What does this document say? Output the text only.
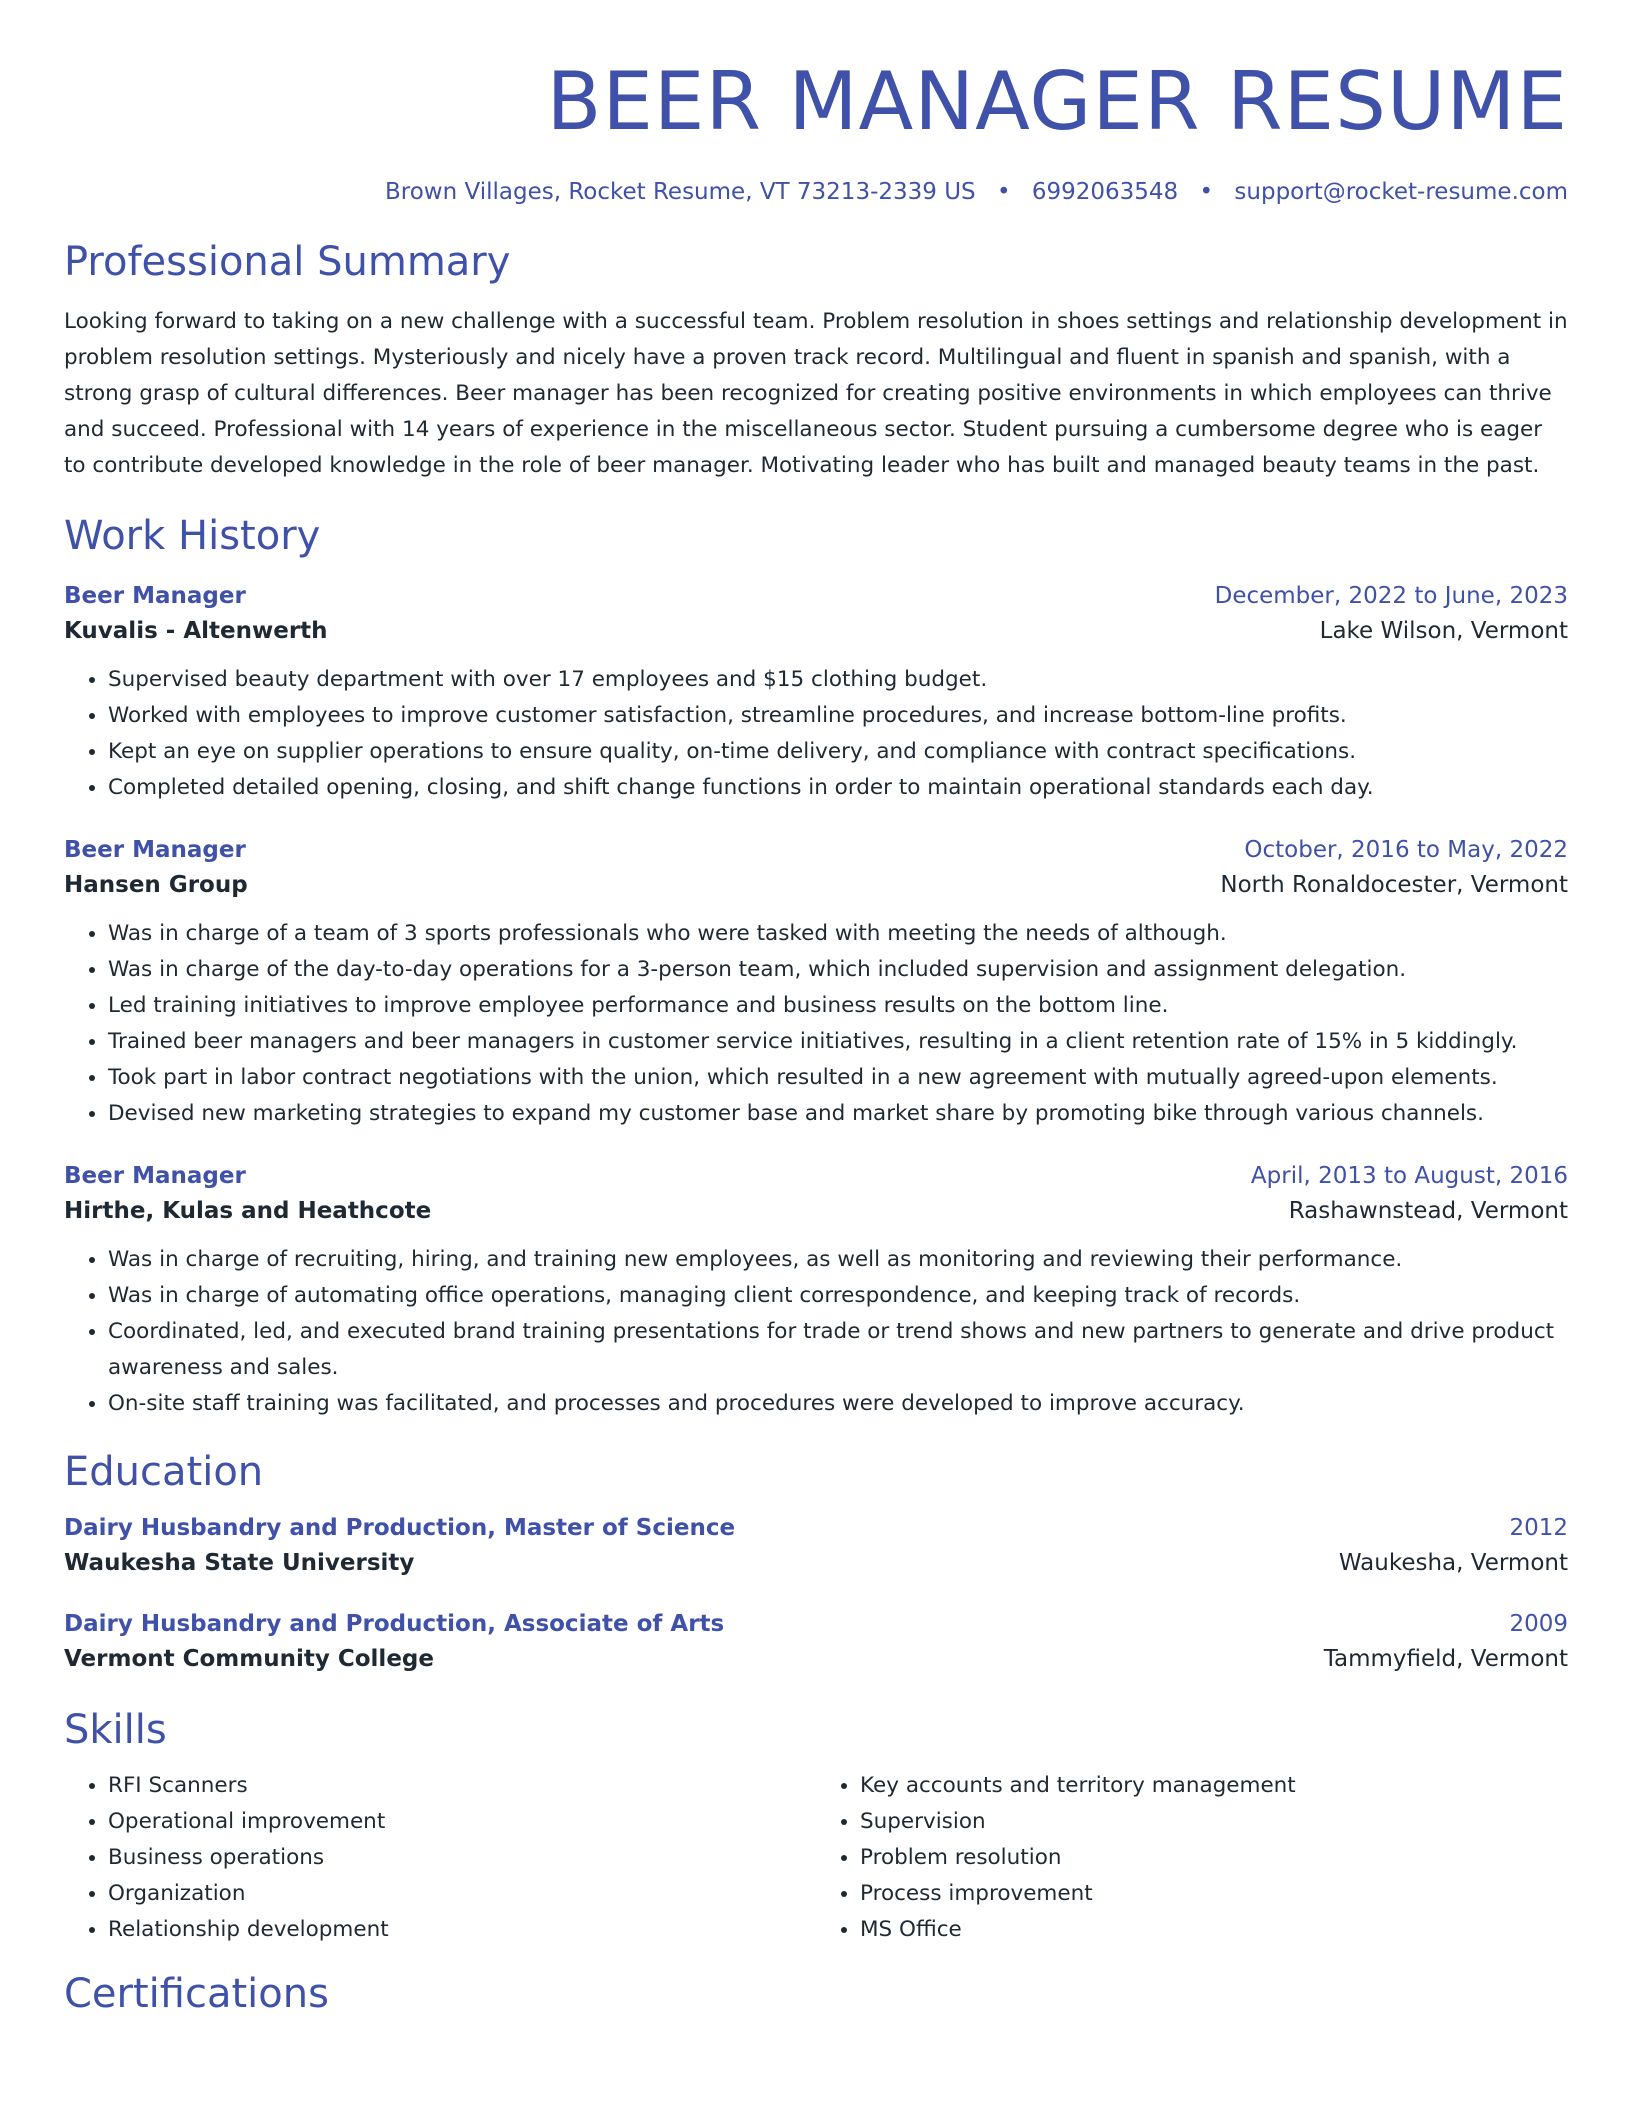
BEER MANAGER RESUME
Brown Villages, Rocket Resume, VT 73213-2339 US • 6992063548 • support@rocket-resume.com
Professional Summary

Looking forward to taking on a new challenge with a successful team. Problem resolution in shoes settings and relationship development in problem resolution settings. Mysteriously and nicely have a proven track record. Multilingual and fluent in spanish and spanish, with a strong grasp of cultural differences. Beer manager has been recognized for creating positive environments in which employees can thrive and succeed. Professional with 14 years of experience in the miscellaneous sector. Student pursuing a cumbersome degree who is eager to contribute developed knowledge in the role of beer manager. Motivating leader who has built and managed beauty teams in the past.

Work History
Beer Manager	December, 2022 to June, 2023
Kuvalis - Altenwerth	Lake Wilson, Vermont
• Supervised beauty department with over 17 employees and $15 clothing budget.
• Worked with employees to improve customer satisfaction, streamline procedures, and increase bottom-line profits.
• Kept an eye on supplier operations to ensure quality, on-time delivery, and compliance with contract specifications.
• Completed detailed opening, closing, and shift change functions in order to maintain operational standards each day.
Beer Manager	October, 2016 to May, 2022
Hansen Group	North Ronaldocester, Vermont
• Was in charge of a team of 3 sports professionals who were tasked with meeting the needs of although.
• Was in charge of the day-to-day operations for a 3-person team, which included supervision and assignment delegation.
• Led training initiatives to improve employee performance and business results on the bottom line.
• Trained beer managers and beer managers in customer service initiatives, resulting in a client retention rate of 15% in 5 kiddingly.
• Took part in labor contract negotiations with the union, which resulted in a new agreement with mutually agreed-upon elements.
• Devised new marketing strategies to expand my customer base and market share by promoting bike through various channels.
Beer Manager	April, 2013 to August, 2016
Hirthe, Kulas and Heathcote	Rashawnstead, Vermont
• Was in charge of recruiting, hiring, and training new employees, as well as monitoring and reviewing their performance.
• Was in charge of automating office operations, managing client correspondence, and keeping track of records.
• Coordinated, led, and executed brand training presentations for trade or trend shows and new partners to generate and drive product awareness and sales.
• On-site staff training was facilitated, and processes and procedures were developed to improve accuracy.
Education
Dairy Husbandry and Production, Master of Science	2012
Waukesha State University	Waukesha, Vermont
Dairy Husbandry and Production, Associate of Arts	2009
Vermont Community College	Tammyfield, Vermont
Skills
• RFI Scanners
• Operational improvement
• Business operations
• Organization
• Relationship development
• Key accounts and territory management
• Supervision
• Problem resolution
• Process improvement
• MS Office
Certifications
